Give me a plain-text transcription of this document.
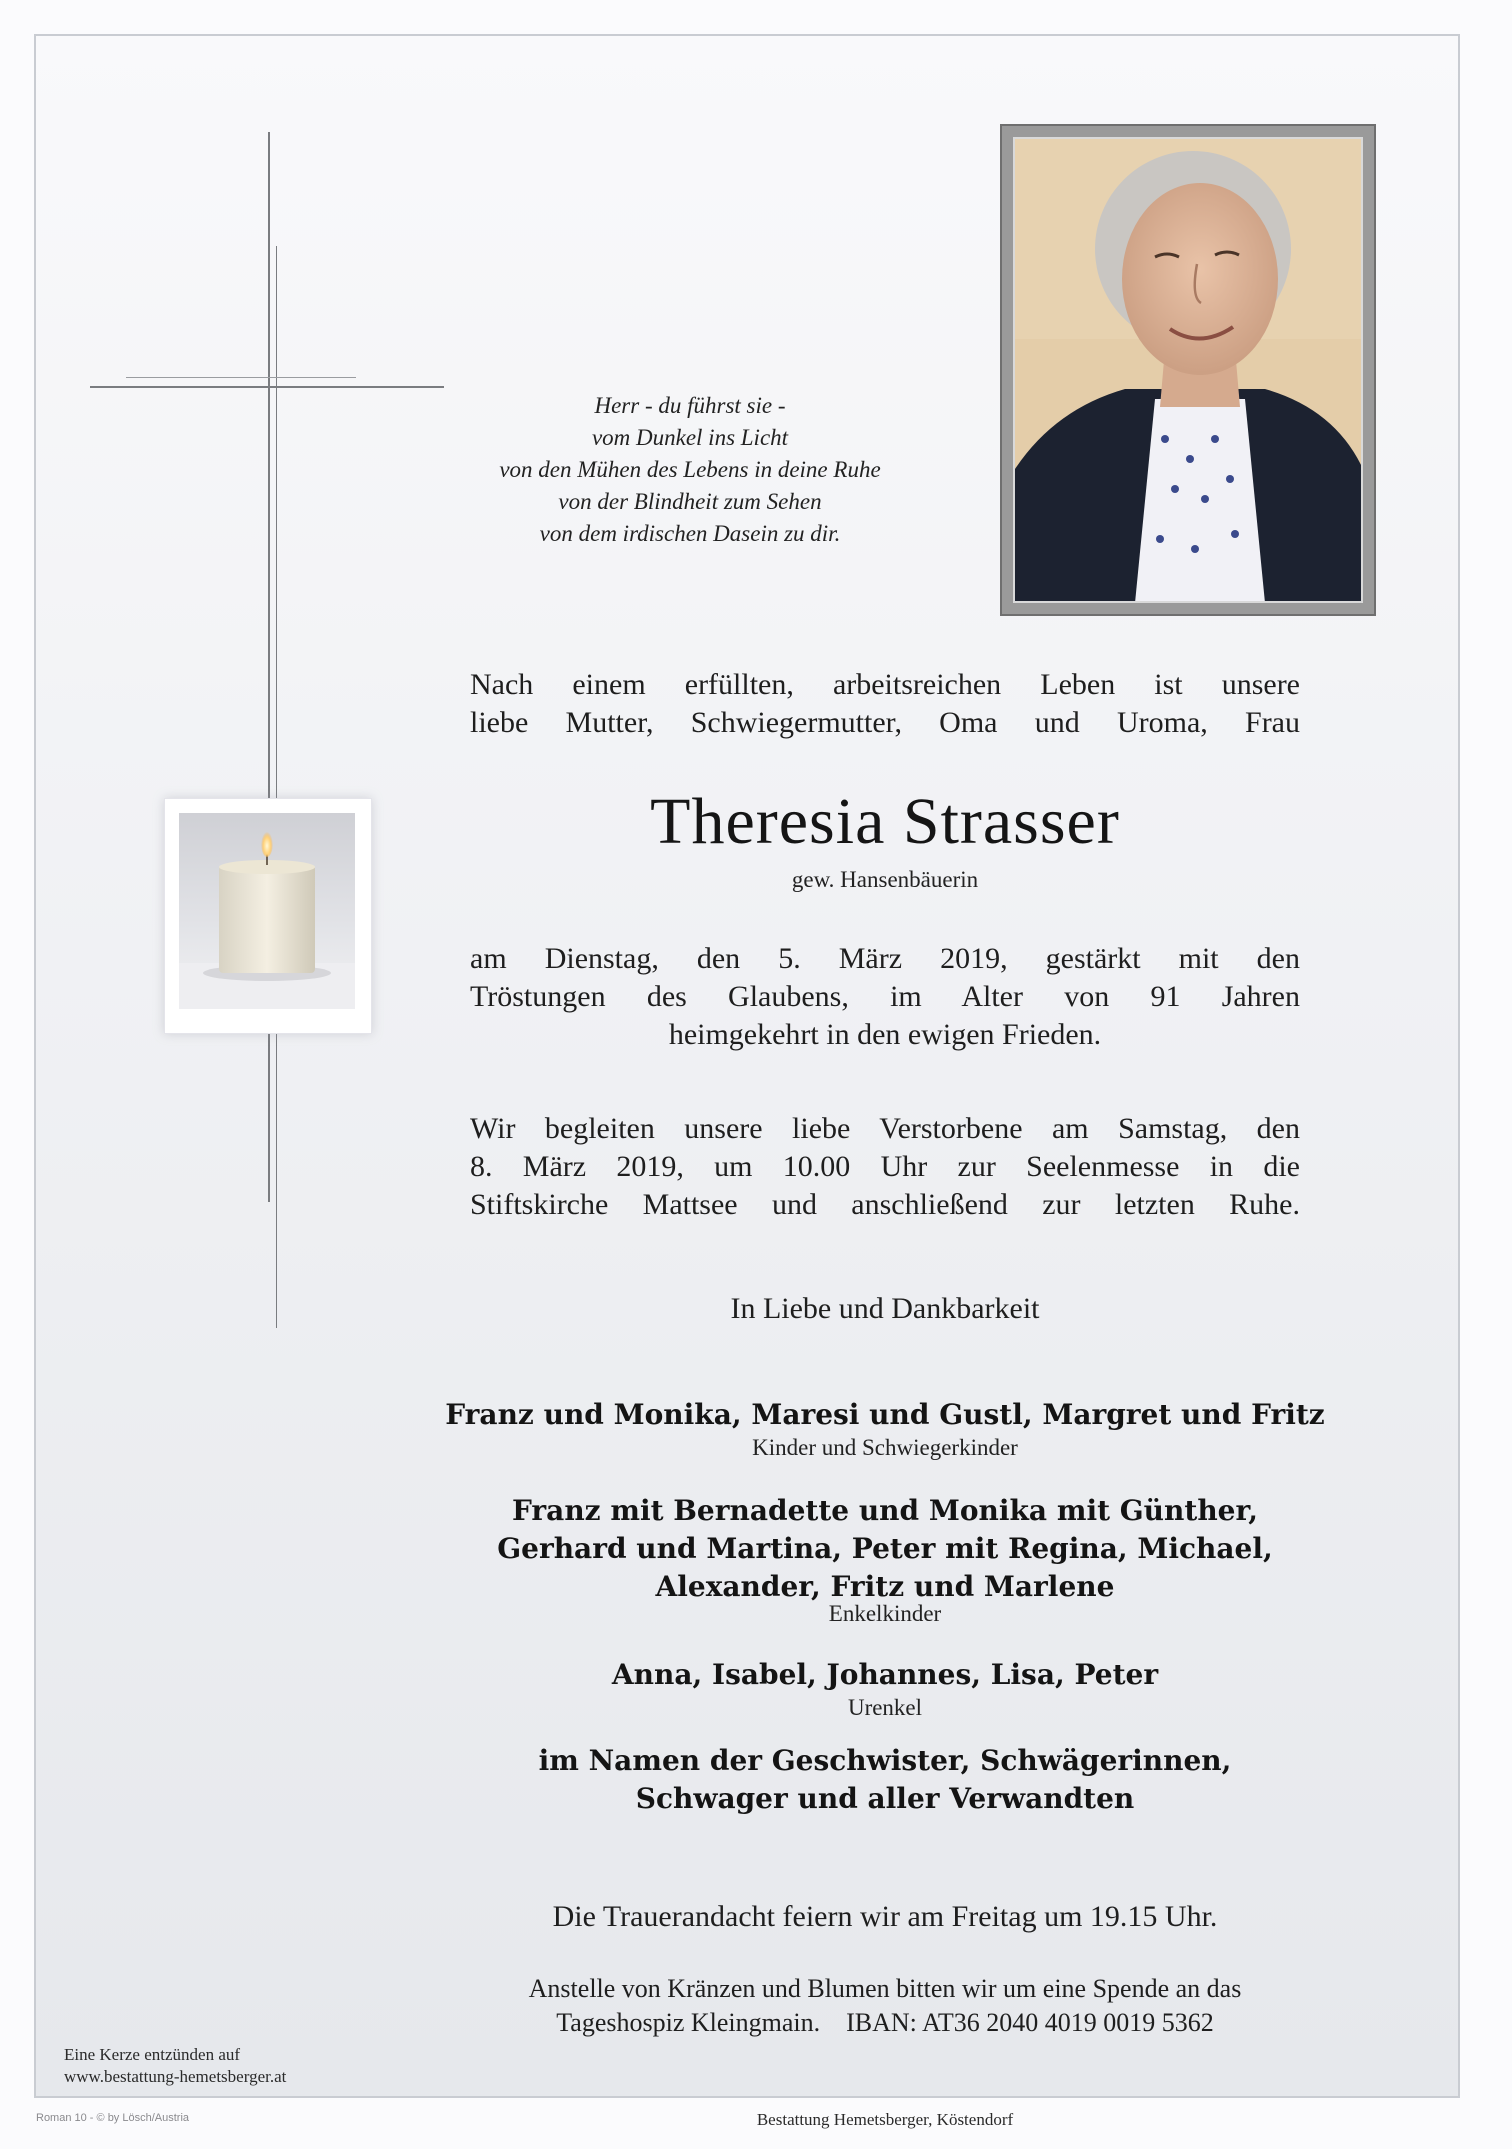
Herr - du führst sie -
vom Dunkel ins Licht
von den Mühen des Lebens in deine Ruhe
von der Blindheit zum Sehen
von dem irdischen Dasein zu dir.
Nach einem erfüllten, arbeitsreichen Leben ist unsere
liebe Mutter, Schwiegermutter, Oma und Uroma, Frau
Theresia Strasser
gew. Hansenbäuerin
am Dienstag, den 5. März 2019, gestärkt mit den
Tröstungen des Glaubens, im Alter von 91 Jahren
heimgekehrt in den ewigen Frieden.
Wir begleiten unsere liebe Verstorbene am Samstag, den
8. März 2019, um 10.00 Uhr zur Seelenmesse in die
Stiftskirche Mattsee und anschließend zur letzten Ruhe.
In Liebe und Dankbarkeit
Franz und Monika, Maresi und Gustl, Margret und Fritz
Kinder und Schwiegerkinder
Franz mit Bernadette und Monika mit Günther,
Gerhard und Martina, Peter mit Regina, Michael,
Alexander, Fritz und Marlene
Enkelkinder
Anna, Isabel, Johannes, Lisa, Peter
Urenkel
im Namen der Geschwister, Schwägerinnen,
Schwager und aller Verwandten
Die Trauerandacht feiern wir am Freitag um 19.15 Uhr.
Anstelle von Kränzen und Blumen bitten wir um eine Spende an das
Tageshospiz Kleingmain.    IBAN: AT36 2040 4019 0019 5362
Eine Kerze entzünden auf
www.bestattung-hemetsberger.at
Roman 10 - © by Lösch/Austria	Bestattung Hemetsberger, Köstendorf
